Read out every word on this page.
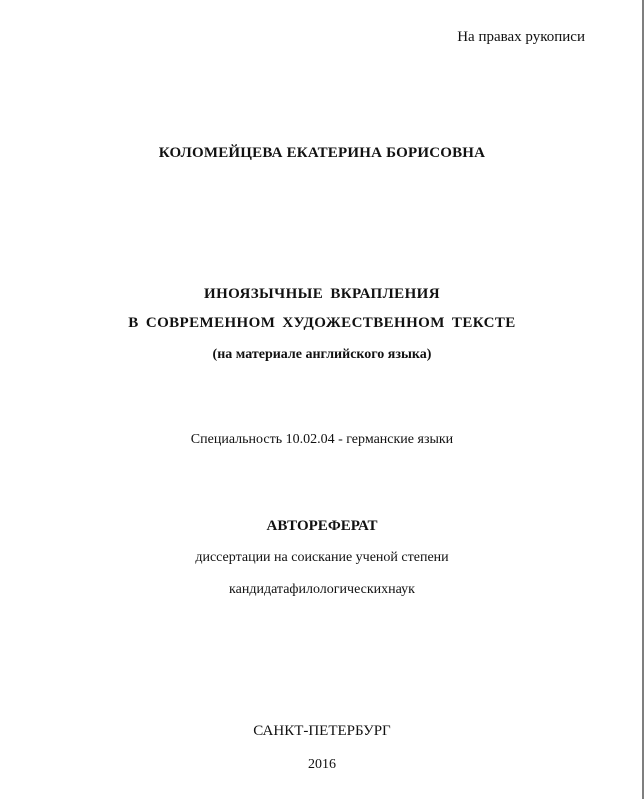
На правах рукописи
КОЛОМЕЙЦЕВА ЕКАТЕРИНА БОРИСОВНА
ИНОЯЗЫЧНЫЕ ВКРАПЛЕНИЯ
В СОВРЕМЕННОМ ХУДОЖЕСТВЕННОМ ТЕКСТЕ
(на материале английского языка)
Специальность 10.02.04 - германские языки
АВТОРЕФЕРАТ
диссертации на соискание ученой степени
кандидатафилологическихнаук
САНКТ-ПЕТЕРБУРГ
2016
